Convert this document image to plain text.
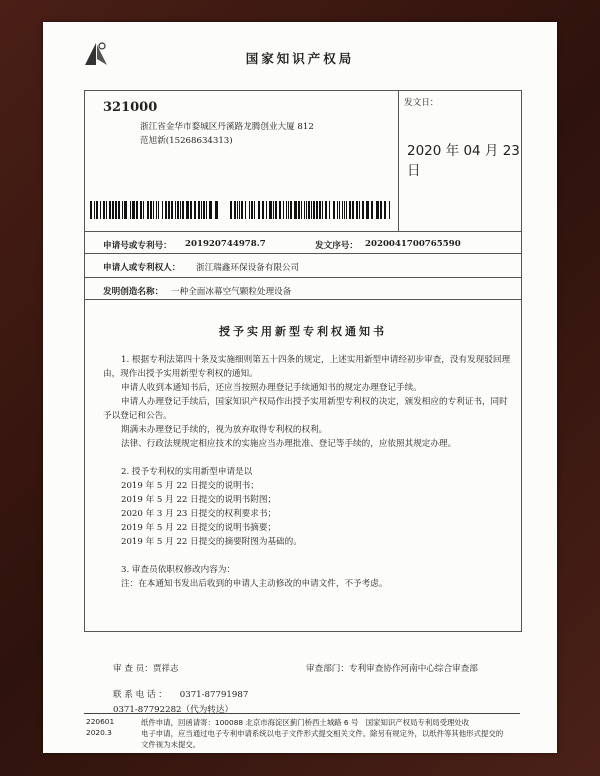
国家知识产权局
321000
浙江省金华市婺城区丹溪路龙腾创业大厦 812
范旭新(15268634313)
发文日：
2020 年 04 月 23 日
申请号或专利号： 201920744978.7	发文序号： 2020041700765590
申请人或专利权人： 浙江瑞鑫环保设备有限公司
发明创造名称： 一种全面冰幕空气颗粒处理设备
授予实用新型专利权通知书
1. 根据专利法第四十条及实施细则第五十四条的规定，上述实用新型申请经初步审查，没有发现驳回理
由，现作出授予实用新型专利权的通知。
申请人收到本通知书后，还应当按照办理登记手续通知书的规定办理登记手续。
申请人办理登记手续后，国家知识产权局作出授予实用新型专利权的决定，颁发相应的专利证书，同时
予以登记和公告。
期满未办理登记手续的，视为放弃取得专利权的权利。
法律、行政法规规定相应技术的实施应当办理批准、登记等手续的，应依照其规定办理。
2. 授予专利权的实用新型申请是以
2019 年 5 月 22 日提交的说明书；
2019 年 5 月 22 日提交的说明书附图；
2020 年 3 月 23 日提交的权利要求书；
2019 年 5 月 22 日提交的说明书摘要；
2019 年 5 月 22 日提交的摘要附图为基础的。
3. 审查员依职权修改内容为：
注：在本通知书发出后收到的申请人主动修改的申请文件，不予考虑。
审 查 员：贾祥志	审查部门：专利审查协作河南中心综合审查部
联 系 电 话 ：　　0371-87791987
0371-87792282（代为转达）
220601
2020.3
纸件申请，回函请寄：100088 北京市海淀区蓟门桥西土城路 6 号　国家知识产权局专利局受理处收
电子申请，应当通过电子专利申请系统以电子文件形式提交相关文件。除另有规定外，以纸件等其他形式提交的
文件视为未提交。
